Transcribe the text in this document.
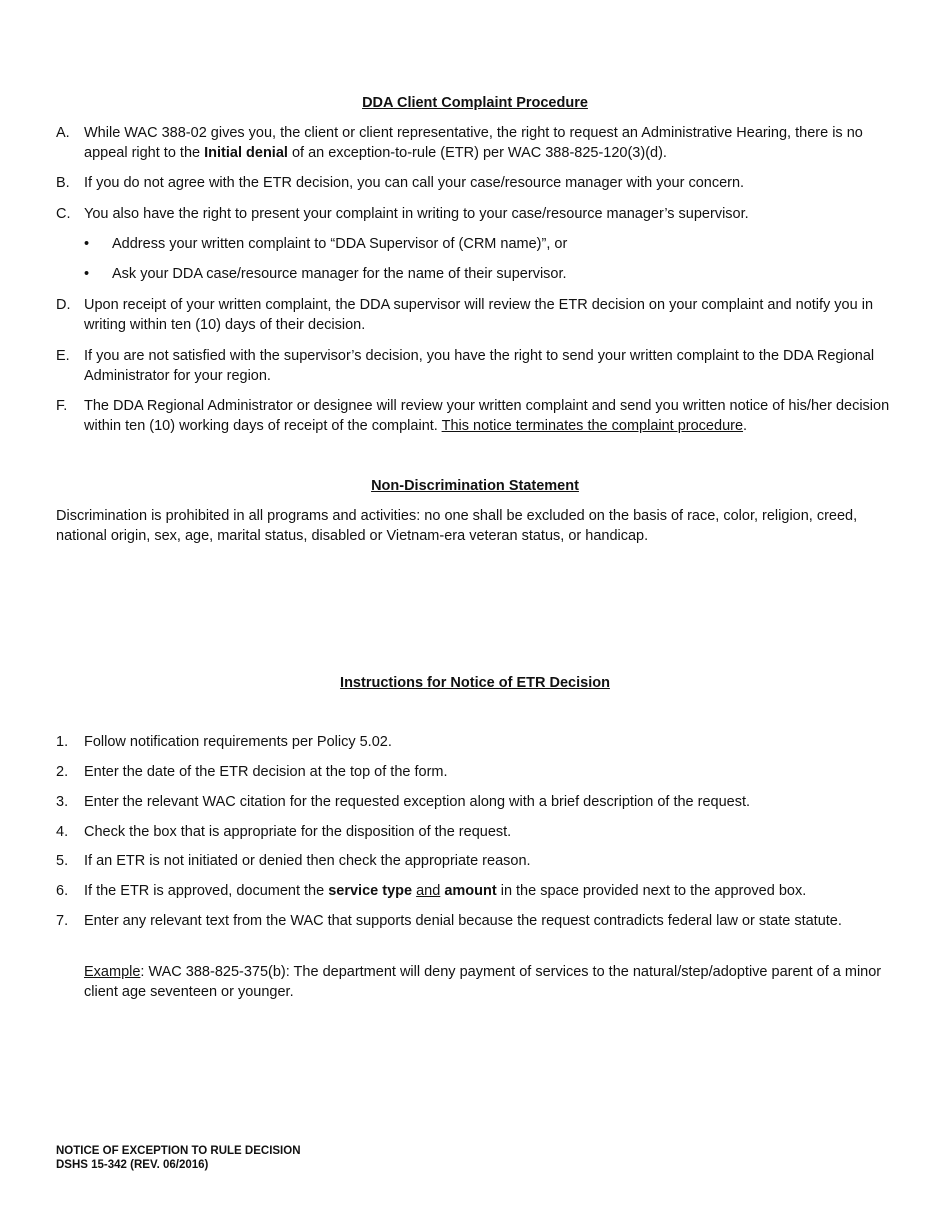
DDA Client Complaint Procedure
A. While WAC 388-02 gives you, the client or client representative, the right to request an Administrative Hearing, there is no appeal right to the Initial denial of an exception-to-rule (ETR) per WAC 388-825-120(3)(d).
B. If you do not agree with the ETR decision, you can call your case/resource manager with your concern.
C. You also have the right to present your complaint in writing to your case/resource manager’s supervisor.
• Address your written complaint to “DDA Supervisor of (CRM name)”, or
• Ask your DDA case/resource manager for the name of their supervisor.
D. Upon receipt of your written complaint, the DDA supervisor will review the ETR decision on your complaint and notify you in writing within ten (10) days of their decision.
E. If you are not satisfied with the supervisor’s decision, you have the right to send your written complaint to the DDA Regional Administrator for your region.
F. The DDA Regional Administrator or designee will review your written complaint and send you written notice of his/her decision within ten (10) working days of receipt of the complaint. This notice terminates the complaint procedure.
Non-Discrimination Statement
Discrimination is prohibited in all programs and activities: no one shall be excluded on the basis of race, color, religion, creed, national origin, sex, age, marital status, disabled or Vietnam-era veteran status, or handicap.
Instructions for Notice of ETR Decision
1. Follow notification requirements per Policy 5.02.
2. Enter the date of the ETR decision at the top of the form.
3. Enter the relevant WAC citation for the requested exception along with a brief description of the request.
4. Check the box that is appropriate for the disposition of the request.
5. If an ETR is not initiated or denied then check the appropriate reason.
6. If the ETR is approved, document the service type and amount in the space provided next to the approved box.
7. Enter any relevant text from the WAC that supports denial because the request contradicts federal law or state statute.
Example: WAC 388-825-375(b): The department will deny payment of services to the natural/step/adoptive parent of a minor client age seventeen or younger.
NOTICE OF EXCEPTION TO RULE DECISION
DSHS 15-342 (REV. 06/2016)
